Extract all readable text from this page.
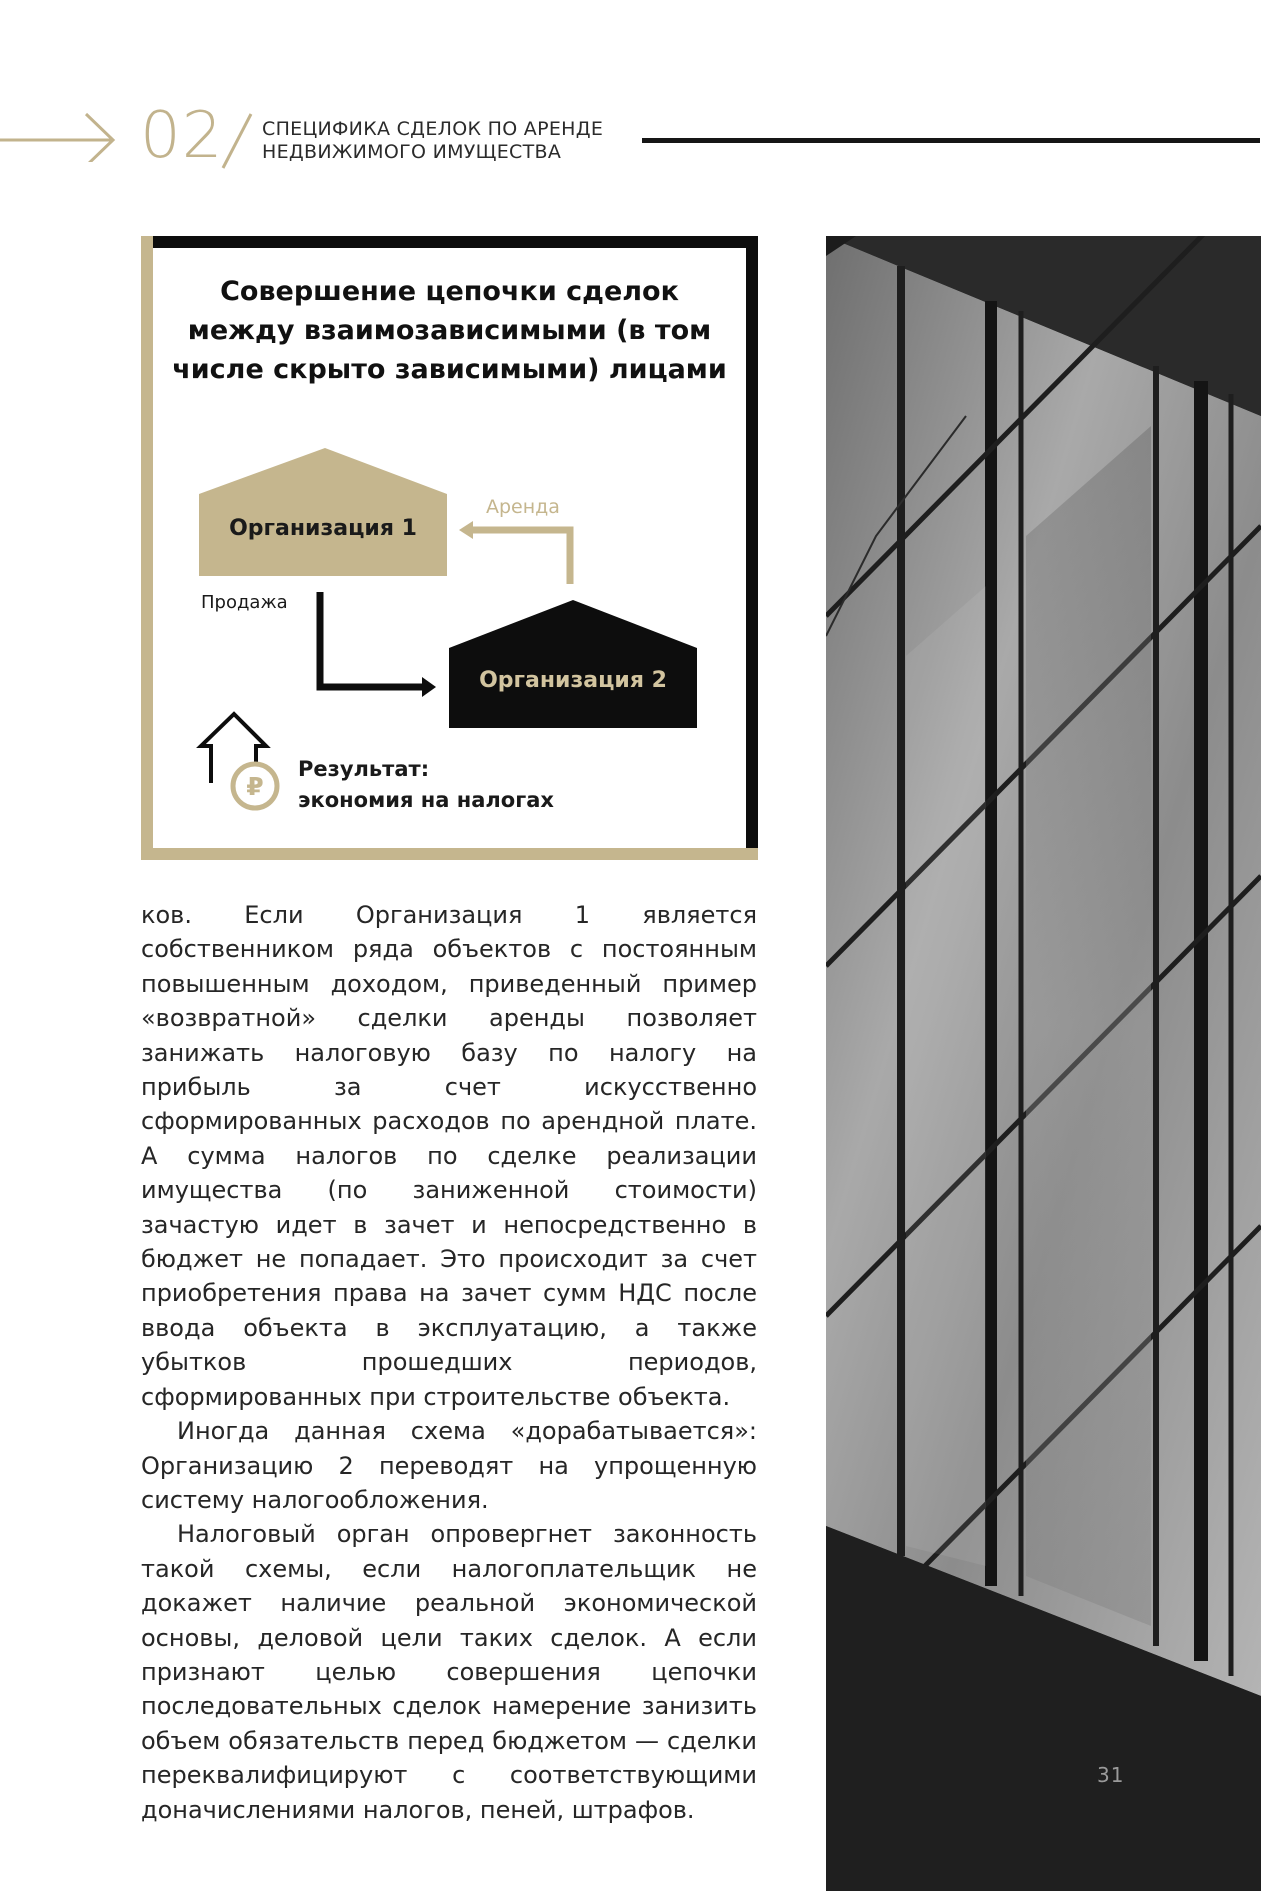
02 СПЕЦИФИКА СДЕЛОК ПО АРЕНДЕ
НЕДВИЖИМОГО ИМУЩЕСТВА
Совершение цепочки сделок между взаимозависимыми (в том числе скрыто зависимыми) лицами
₽
Организация 1
Организация 2
Аренда
Продажа
Результат:
экономия на налогах

ков. Если Организация 1 является собственником ряда объектов с постоянным повышенным доходом, приведенный пример «возвратной» сделки аренды позволяет занижать налоговую базу по налогу на прибыль за счет искусственно сформированных расходов по арендной плате. А сумма налогов по сделке реализации имущества (по заниженной стоимости) зачастую идет в зачет и непосредственно в бюджет не попадает. Это происходит за счет приобретения права на зачет сумм НДС после ввода объекта в эксплуатацию, а также убытков прошедших периодов, сформированных при строительстве объекта.

Иногда данная схема «дорабатывается»: Организацию 2 переводят на упрощенную систему налогообложения.

Налоговый орган опровергнет законность такой схемы, если налогоплательщик не докажет наличие реальной экономической основы, деловой цели таких сделок. А если признают целью совершения цепочки последовательных сделок намерение занизить объем обязательств перед бюджетом — сделки переквалифицируют с соответствующими доначислениями налогов, пеней, штрафов.

31
